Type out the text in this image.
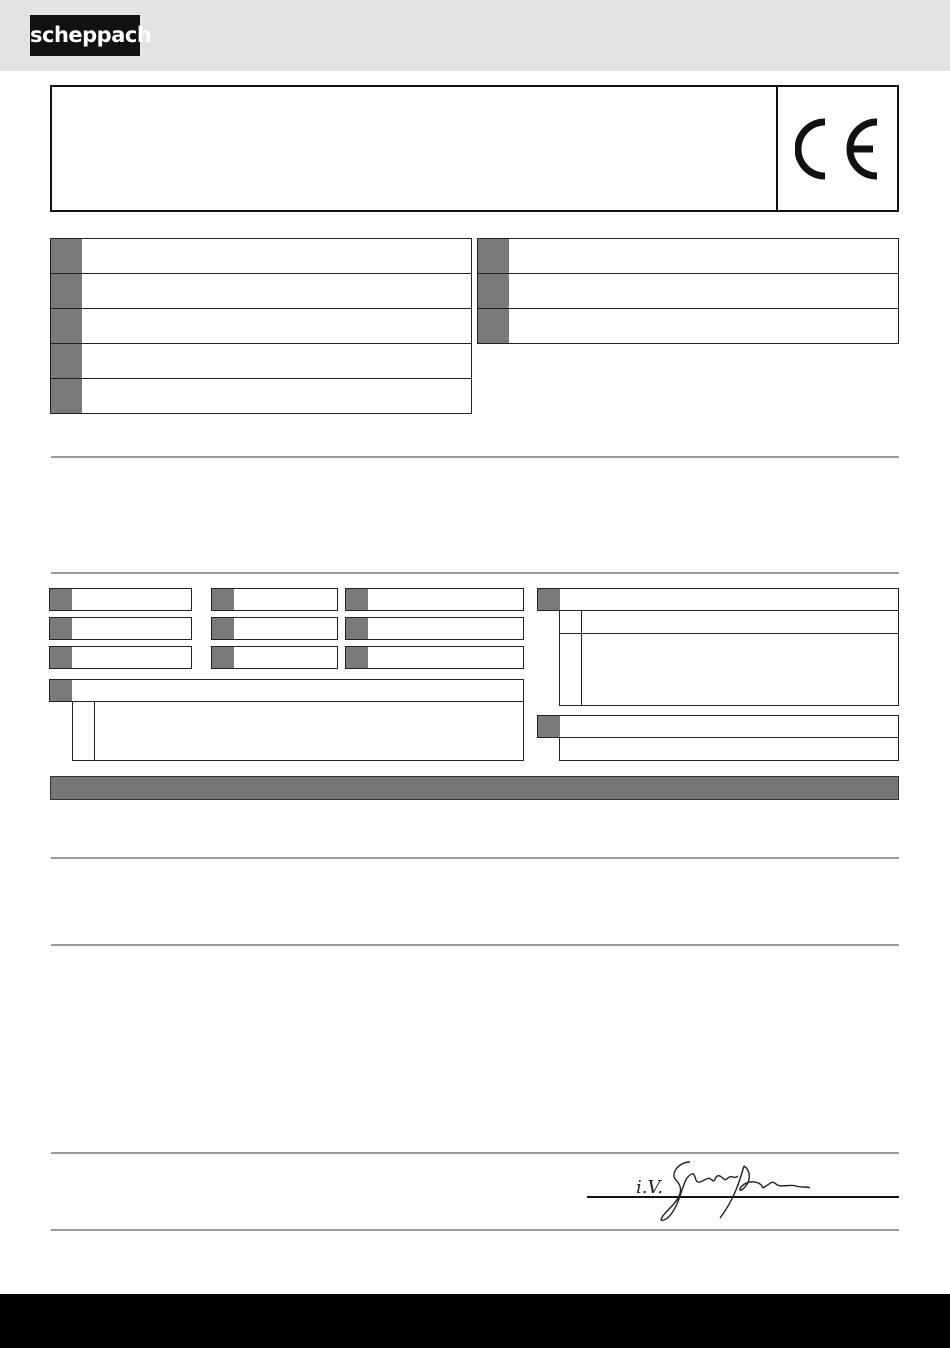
scheppach
i.V.
